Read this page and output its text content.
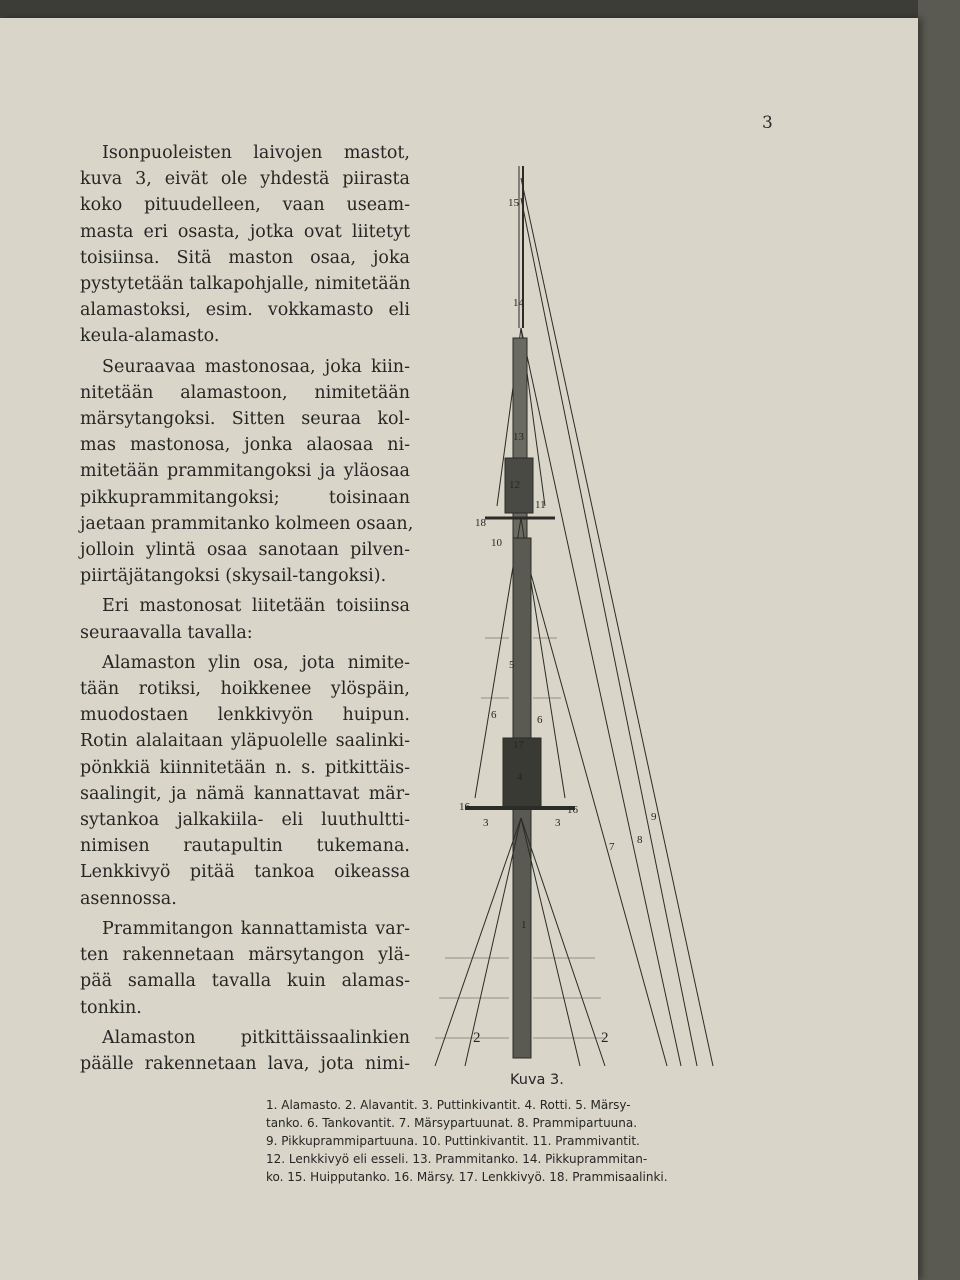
3

Isonpuoleisten laivojen mastot,
kuva 3, eivät ole yhdestä piirasta
koko pituudelleen, vaan useam-
masta eri osasta, jotka ovat liitetyt
toisiinsa. Sitä maston osaa, joka
pystytetään talkapohjalle, nimitetään
alamastoksi, esim. vokkamasto eli
keula-alamasto.

Seuraavaa mastonosaa, joka kiin-
nitetään alamastoon, nimitetään
märsytangoksi. Sitten seuraa kol-
mas mastonosa, jonka alaosaa ni-
mitetään prammitangoksi ja yläosaa
pikkuprammitangoksi; toisinaan
jaetaan prammitanko kolmeen osaan,
jolloin ylintä osaa sanotaan pilven-
piirtäjätangoksi (skysail-tangoksi).

Eri mastonosat liitetään toisiinsa
seuraavalla tavalla:

Alamaston ylin osa, jota nimite-
tään rotiksi, hoikkenee ylöspäin,
muodostaen lenkkivyön huipun.
Rotin alalaitaan yläpuolelle saalinki-
pönkkiä kiinnitetään n. s. pitkittäis-
saalingit, ja nämä kannattavat mär-
sytankoa jalkakiila- eli luuthultti-
nimisen rautapultin tukemana.
Lenkkivyö pitää tankoa oikeassa
asennossa.

Prammitangon kannattamista var-
ten rakennetaan märsytangon ylä-
pää samalla tavalla kuin alamas-
tonkin.

Alamaston pitkittäissaalinkien
päälle rakennetaan lava, jota nimi-

15
14
13
12
11
18
10
5
6	6
17
4
16	16
3	3
1
7
8
9
2	2
Kuva 3.
1. Alamasto. 2. Alavantit. 3. Puttinkivantit. 4. Rotti. 5. Märsy-
tanko. 6. Tankovantit. 7. Märsypartuunat. 8. Prammipartuuna.
9. Pikkuprammipartuuna. 10. Puttinkivantit. 11. Prammivantit.
12. Lenkkivyö eli esseli. 13. Prammitanko. 14. Pikkuprammitan-
ko. 15. Huipputanko. 16. Märsy. 17. Lenkkivyö. 18. Prammisaalinki.
